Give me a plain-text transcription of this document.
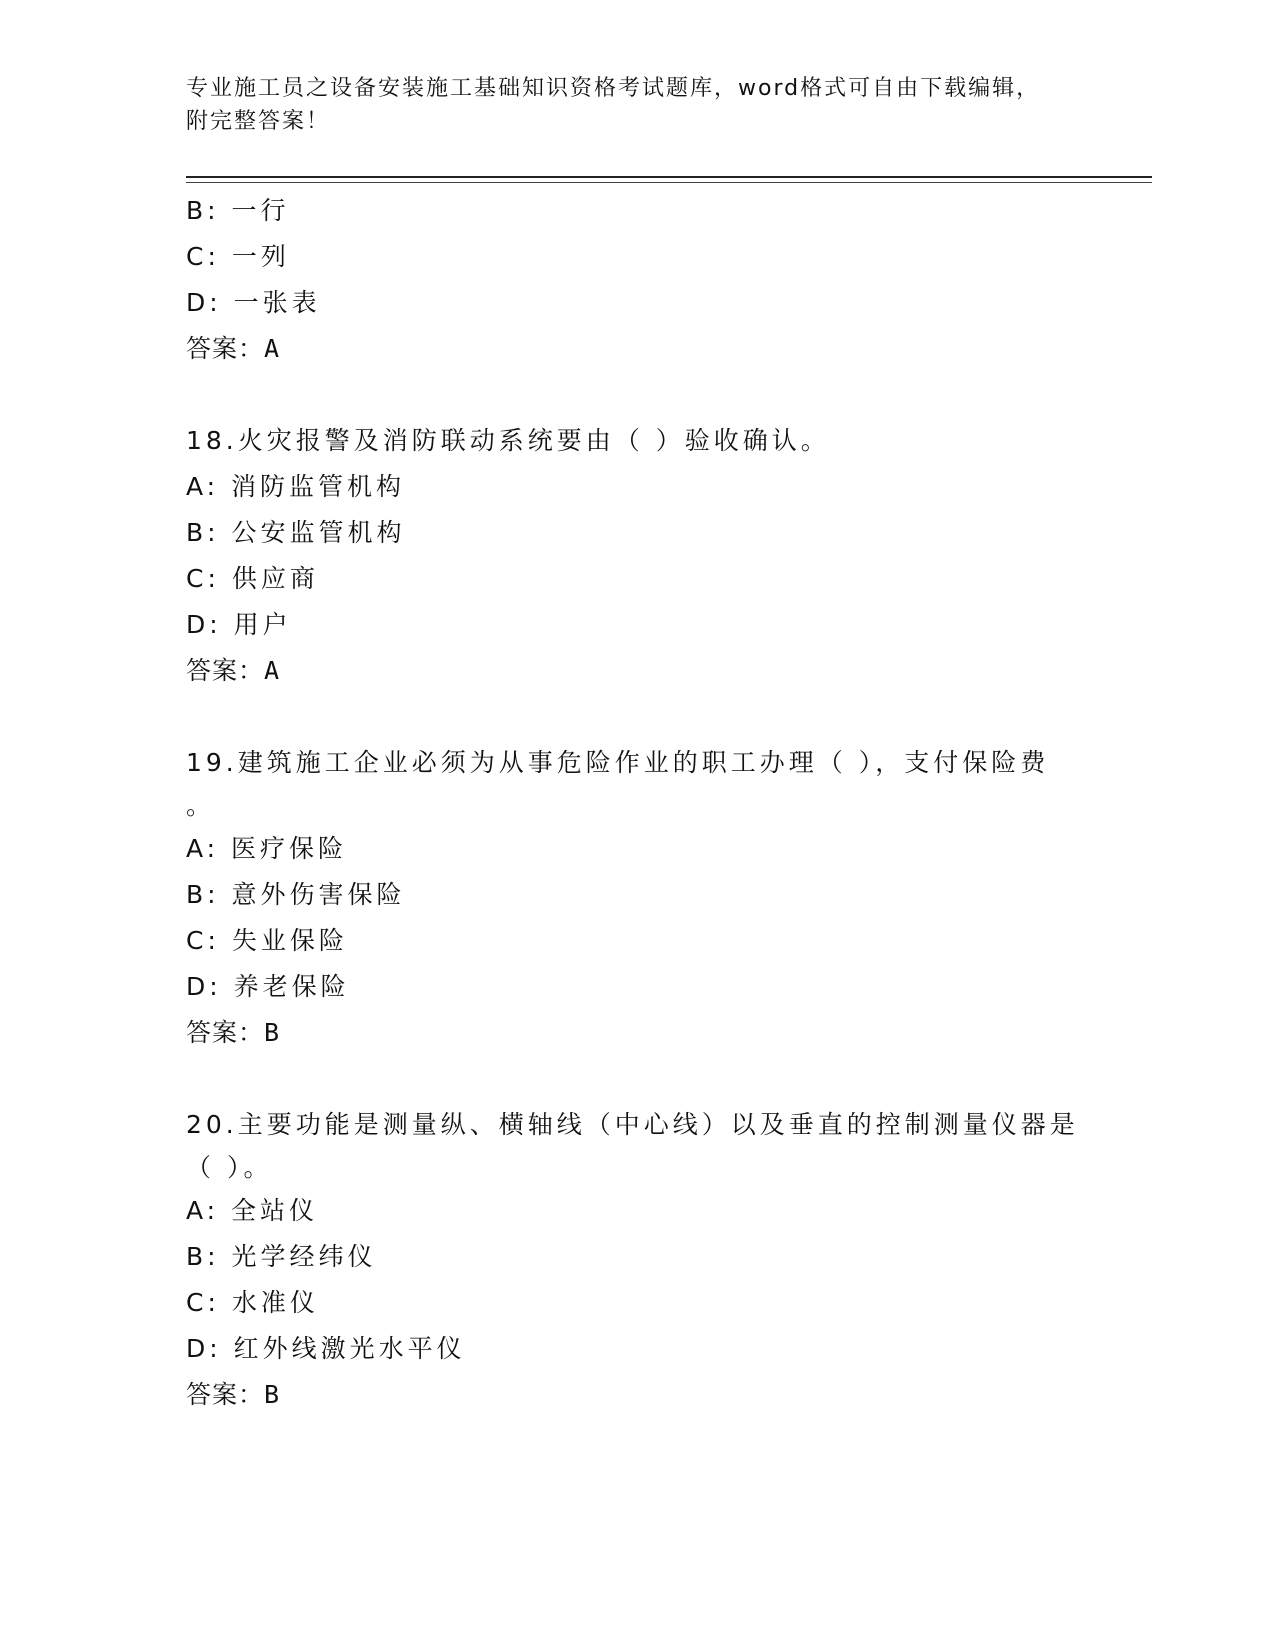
专业施工员之设备安装施工基础知识资格考试题库，word格式可自由下载编辑，
附完整答案！
B: 一行
C: 一列
D: 一张表
答案：A
18.火灾报警及消防联动系统要由（ ）验收确认。
A: 消防监管机构
B: 公安监管机构
C: 供应商
D: 用户
答案：A
19.建筑施工企业必须为从事危险作业的职工办理（ ），支付保险费
。
A: 医疗保险
B: 意外伤害保险
C: 失业保险
D: 养老保险
答案：B
20.主要功能是测量纵、横轴线（中心线）以及垂直的控制测量仪器是
（ ）。
A: 全站仪
B: 光学经纬仪
C: 水准仪
D: 红外线激光水平仪
答案：B
